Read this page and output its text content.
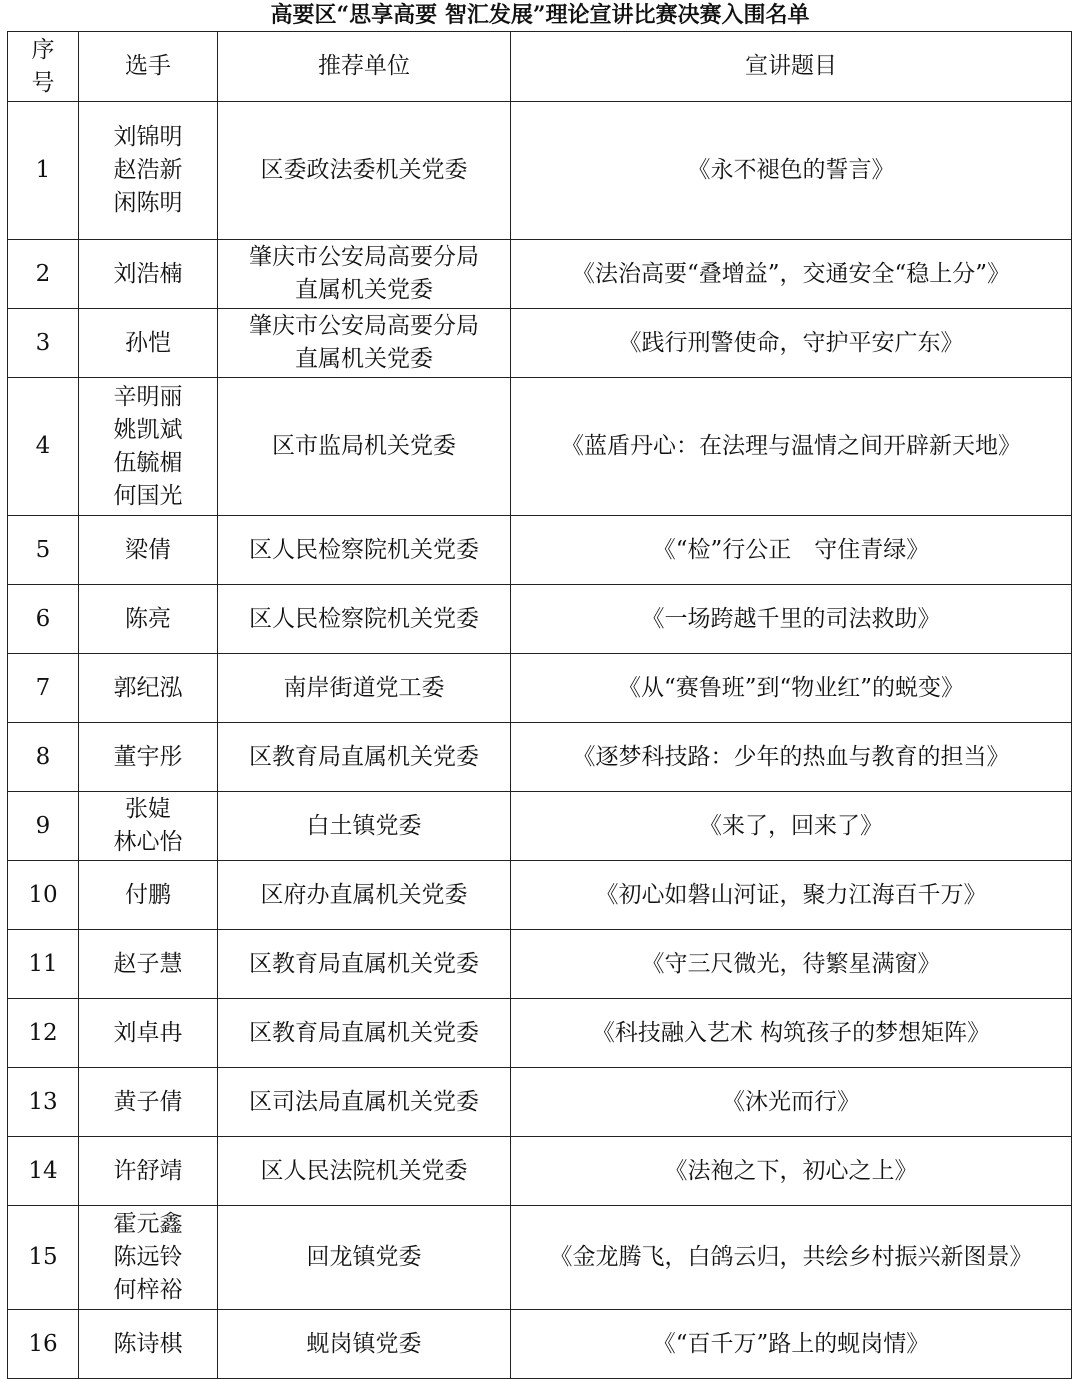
高要区“思享高要 智汇发展”理论宣讲比赛决赛入围名单
序
号	选手	推荐单位	宣讲题目
1	刘锦明
赵浩新
闲陈明	区委政法委机关党委	《永不褪色的誓言》
2	刘浩楠	肇庆市公安局高要分局
直属机关党委	《法治高要“叠增益”，交通安全“稳上分”》
3	孙恺	肇庆市公安局高要分局
直属机关党委	《践行刑警使命，守护平安广东》
4	辛明丽
姚凯斌
伍毓楣
何国光	区市监局机关党委	《蓝盾丹心：在法理与温情之间开辟新天地》
5	梁倩	区人民检察院机关党委	《“检”行公正　守住青绿》
6	陈亮	区人民检察院机关党委	《一场跨越千里的司法救助》
7	郭纪泓	南岸街道党工委	《从“赛鲁班”到“物业红”的蜕变》
8	董宇彤	区教育局直属机关党委	《逐梦科技路：少年的热血与教育的担当》
9	张媫
林心怡	白土镇党委	《来了，回来了》
10	付鹏	区府办直属机关党委	《初心如磐山河证，聚力江海百千万》
11	赵子慧	区教育局直属机关党委	《守三尺微光，待繁星满窗》
12	刘卓冉	区教育局直属机关党委	《科技融入艺术 构筑孩子的梦想矩阵》
13	黄子倩	区司法局直属机关党委	《沐光而行》
14	许舒靖	区人民法院机关党委	《法袍之下，初心之上》
15	霍元鑫
陈远铃
何梓裕	回龙镇党委	《金龙腾飞，白鸽云归，共绘乡村振兴新图景》
16	陈诗棋	蚬岗镇党委	《“百千万”路上的蚬岗情》
